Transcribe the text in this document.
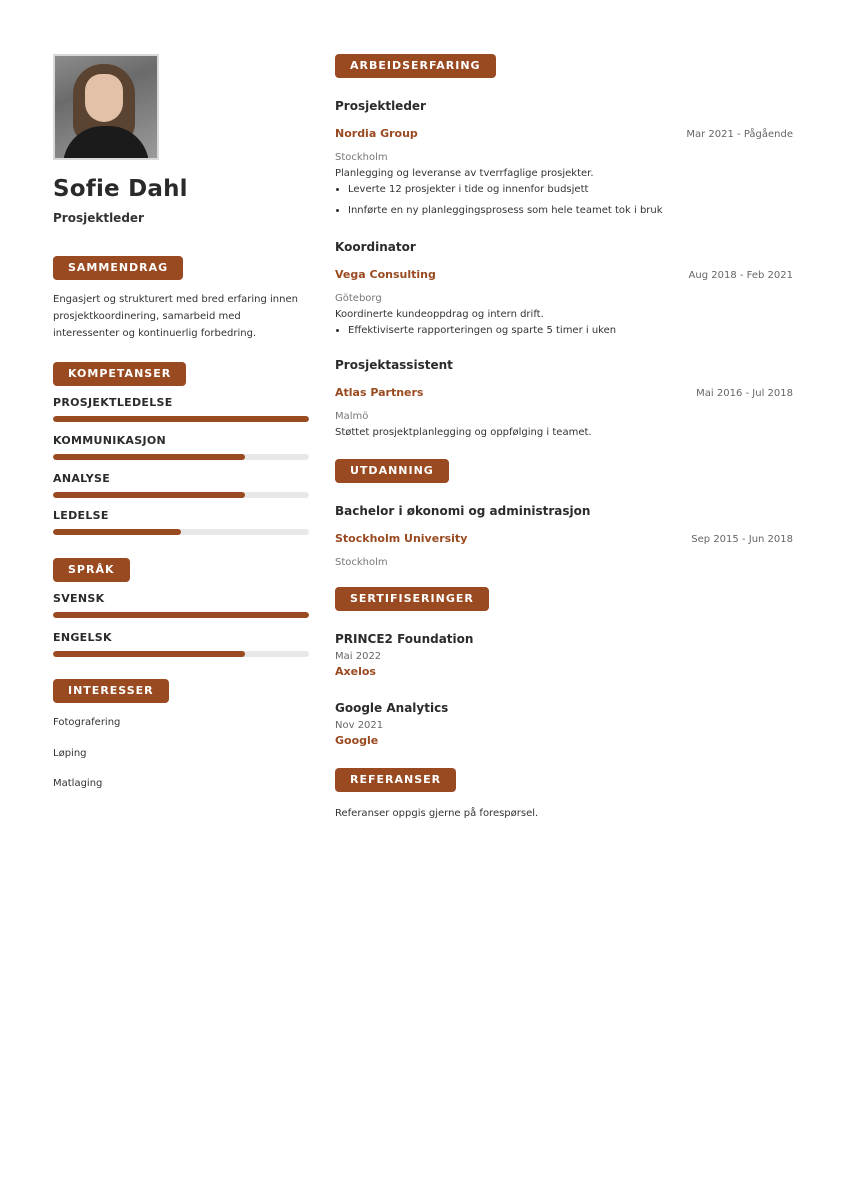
Sofie Dahl
Prosjektleder
SAMMENDRAG
Engasjert og strukturert med bred erfaring innen prosjektkoordinering, samarbeid med interessenter og kontinuerlig forbedring.
KOMPETANSER
PROSJEKTLEDELSE
KOMMUNIKASJON
ANALYSE
LEDELSE
SPRÅK
SVENSK
ENGELSK
INTERESSER
Fotografering
Løping
Matlaging
ARBEIDSERFARING
Prosjektleder
Nordia Group	Mar 2021 - Pågående
Stockholm
Planlegging og leveranse av tverrfaglige prosjekter.
• Leverte 12 prosjekter i tide og innenfor budsjett
• Innførte en ny planleggingsprosess som hele teamet tok i bruk
Koordinator
Vega Consulting	Aug 2018 - Feb 2021
Göteborg
Koordinerte kundeoppdrag og intern drift.
• Effektiviserte rapporteringen og sparte 5 timer i uken
Prosjektassistent
Atlas Partners	Mai 2016 - Jul 2018
Malmö
Støttet prosjektplanlegging og oppfølging i teamet.
UTDANNING
Bachelor i økonomi og administrasjon
Stockholm University	Sep 2015 - Jun 2018
Stockholm
SERTIFISERINGER
PRINCE2 Foundation
Mai 2022
Axelos
Google Analytics
Nov 2021
Google
REFERANSER
Referanser oppgis gjerne på forespørsel.
